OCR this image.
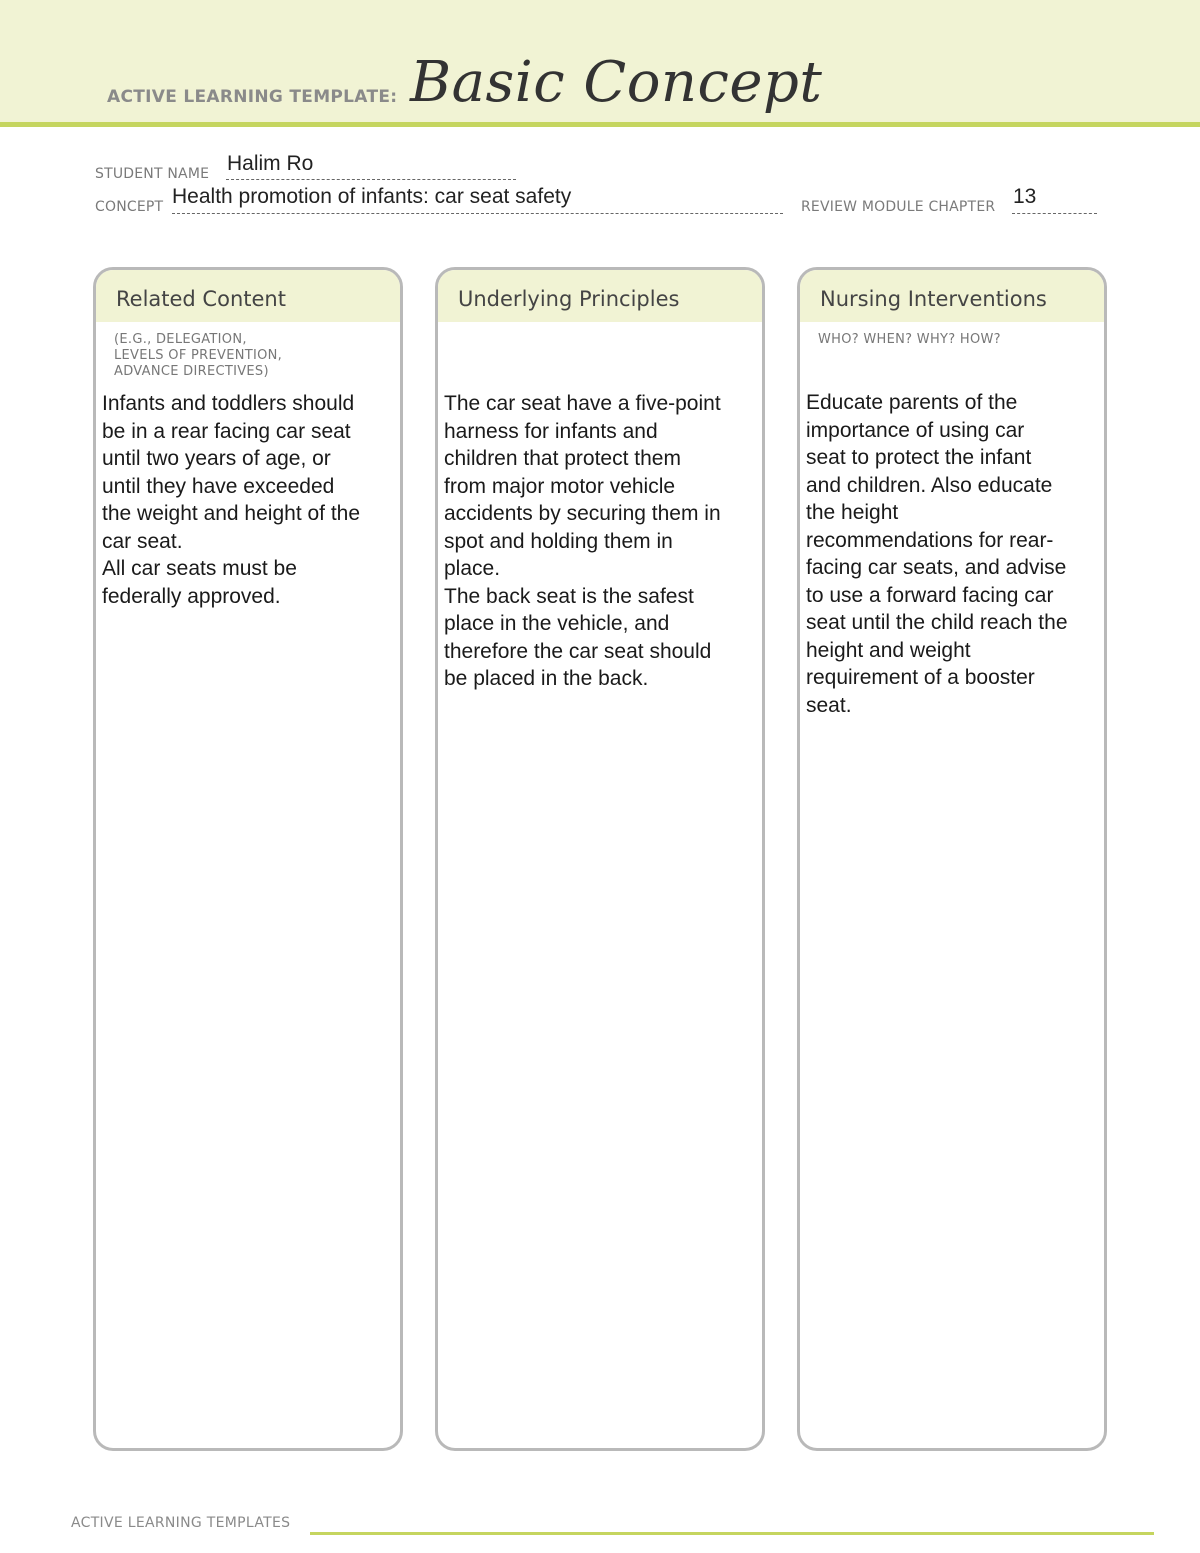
ACTIVE LEARNING TEMPLATE: Basic Concept
STUDENT NAME Halim Ro
CONCEPT Health promotion of infants: car seat safety	REVIEW MODULE CHAPTER 13
Related Content
(E.G., DELEGATION,
LEVELS OF PREVENTION,
ADVANCE DIRECTIVES)
Infants and toddlers should
be in a rear facing car seat
until two years of age, or
until they have exceeded
the weight and height of the
car seat.
All car seats must be
federally approved.
Underlying Principles
The car seat have a five-point
harness for infants and
children that protect them
from major motor vehicle
accidents by securing them in
spot and holding them in
place.
The back seat is the safest
place in the vehicle, and
therefore the car seat should
be placed in the back.
Nursing Interventions
WHO? WHEN? WHY? HOW?
Educate parents of the
importance of using car
seat to protect the infant
and children. Also educate
the height
recommendations for rear-
facing car seats, and advise
to use a forward facing car
seat until the child reach the
height and weight
requirement of a booster
seat.
ACTIVE LEARNING TEMPLATES
